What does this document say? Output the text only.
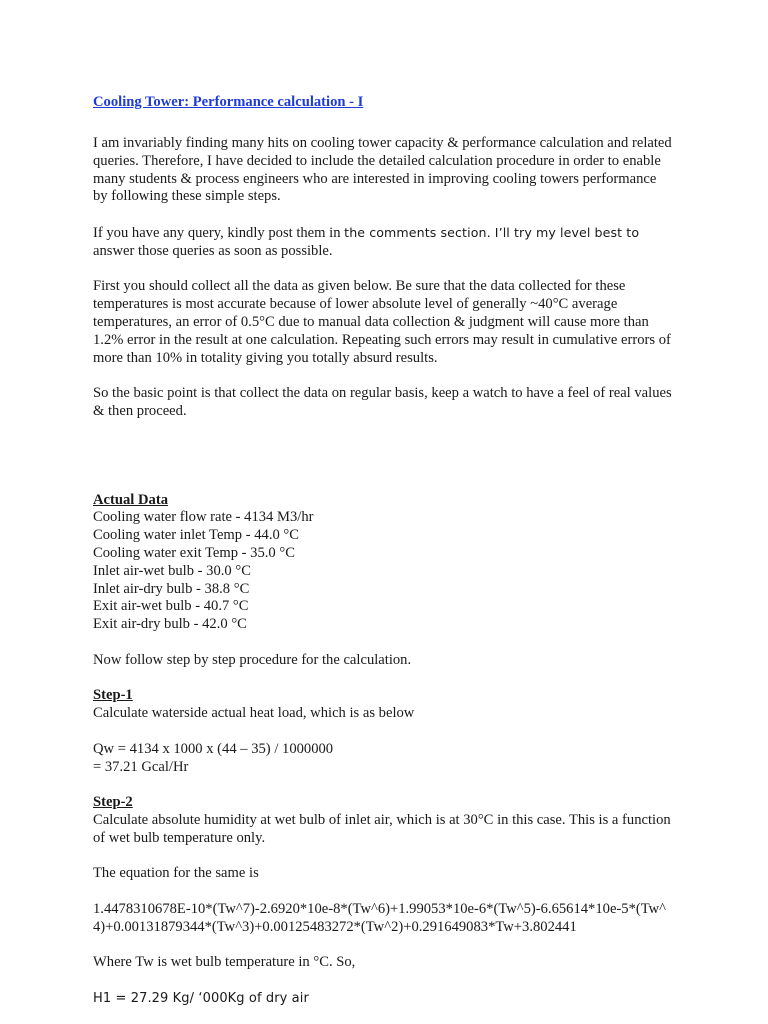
Cooling Tower: Performance calculation - I

I am invariably finding many hits on cooling tower capacity & performance calculation and related queries. Therefore, I have decided to include the detailed calculation procedure in order to enable many students & process engineers who are interested in improving cooling towers performance by following these simple steps.

If you have any query, kindly post them in the comments section. I’ll try my level best to answer those queries as soon as possible.

First you should collect all the data as given below. Be sure that the data collected for these temperatures is most accurate because of lower absolute level of generally ~40°C average temperatures, an error of 0.5°C due to manual data collection & judgment will cause more than 1.2% error in the result at one calculation. Repeating such errors may result in cumulative errors of more than 10% in totality giving you totally absurd results.

So the basic point is that collect the data on regular basis, keep a watch to have a feel of real values & then proceed.

Actual Data
Cooling water flow rate - 4134 M3/hr
Cooling water inlet Temp - 44.0 °C
Cooling water exit Temp - 35.0 °C
Inlet air-wet bulb - 30.0 °C
Inlet air-dry bulb - 38.8 °C
Exit air-wet bulb - 40.7 °C
Exit air-dry bulb - 42.0 °C

Now follow step by step procedure for the calculation.

Step-1
Calculate waterside actual heat load, which is as below
Qw = 4134 x 1000 x (44 – 35) / 1000000
= 37.21 Gcal/Hr
Step-2
Calculate absolute humidity at wet bulb of inlet air, which is at 30°C in this case. This is a function of wet bulb temperature only.
The equation for the same is
1.4478310678E-10*(Tw^7)-2.6920*10e-8*(Tw^6)+1.99053*10e-6*(Tw^5)-6.65614*10e-5*(Tw^4)+0.00131879344*(Tw^3)+0.00125483272*(Tw^2)+0.291649083*Tw+3.802441
Where Tw is wet bulb temperature in °C. So,
H1 = 27.29 Kg/ ‘000Kg of dry air
